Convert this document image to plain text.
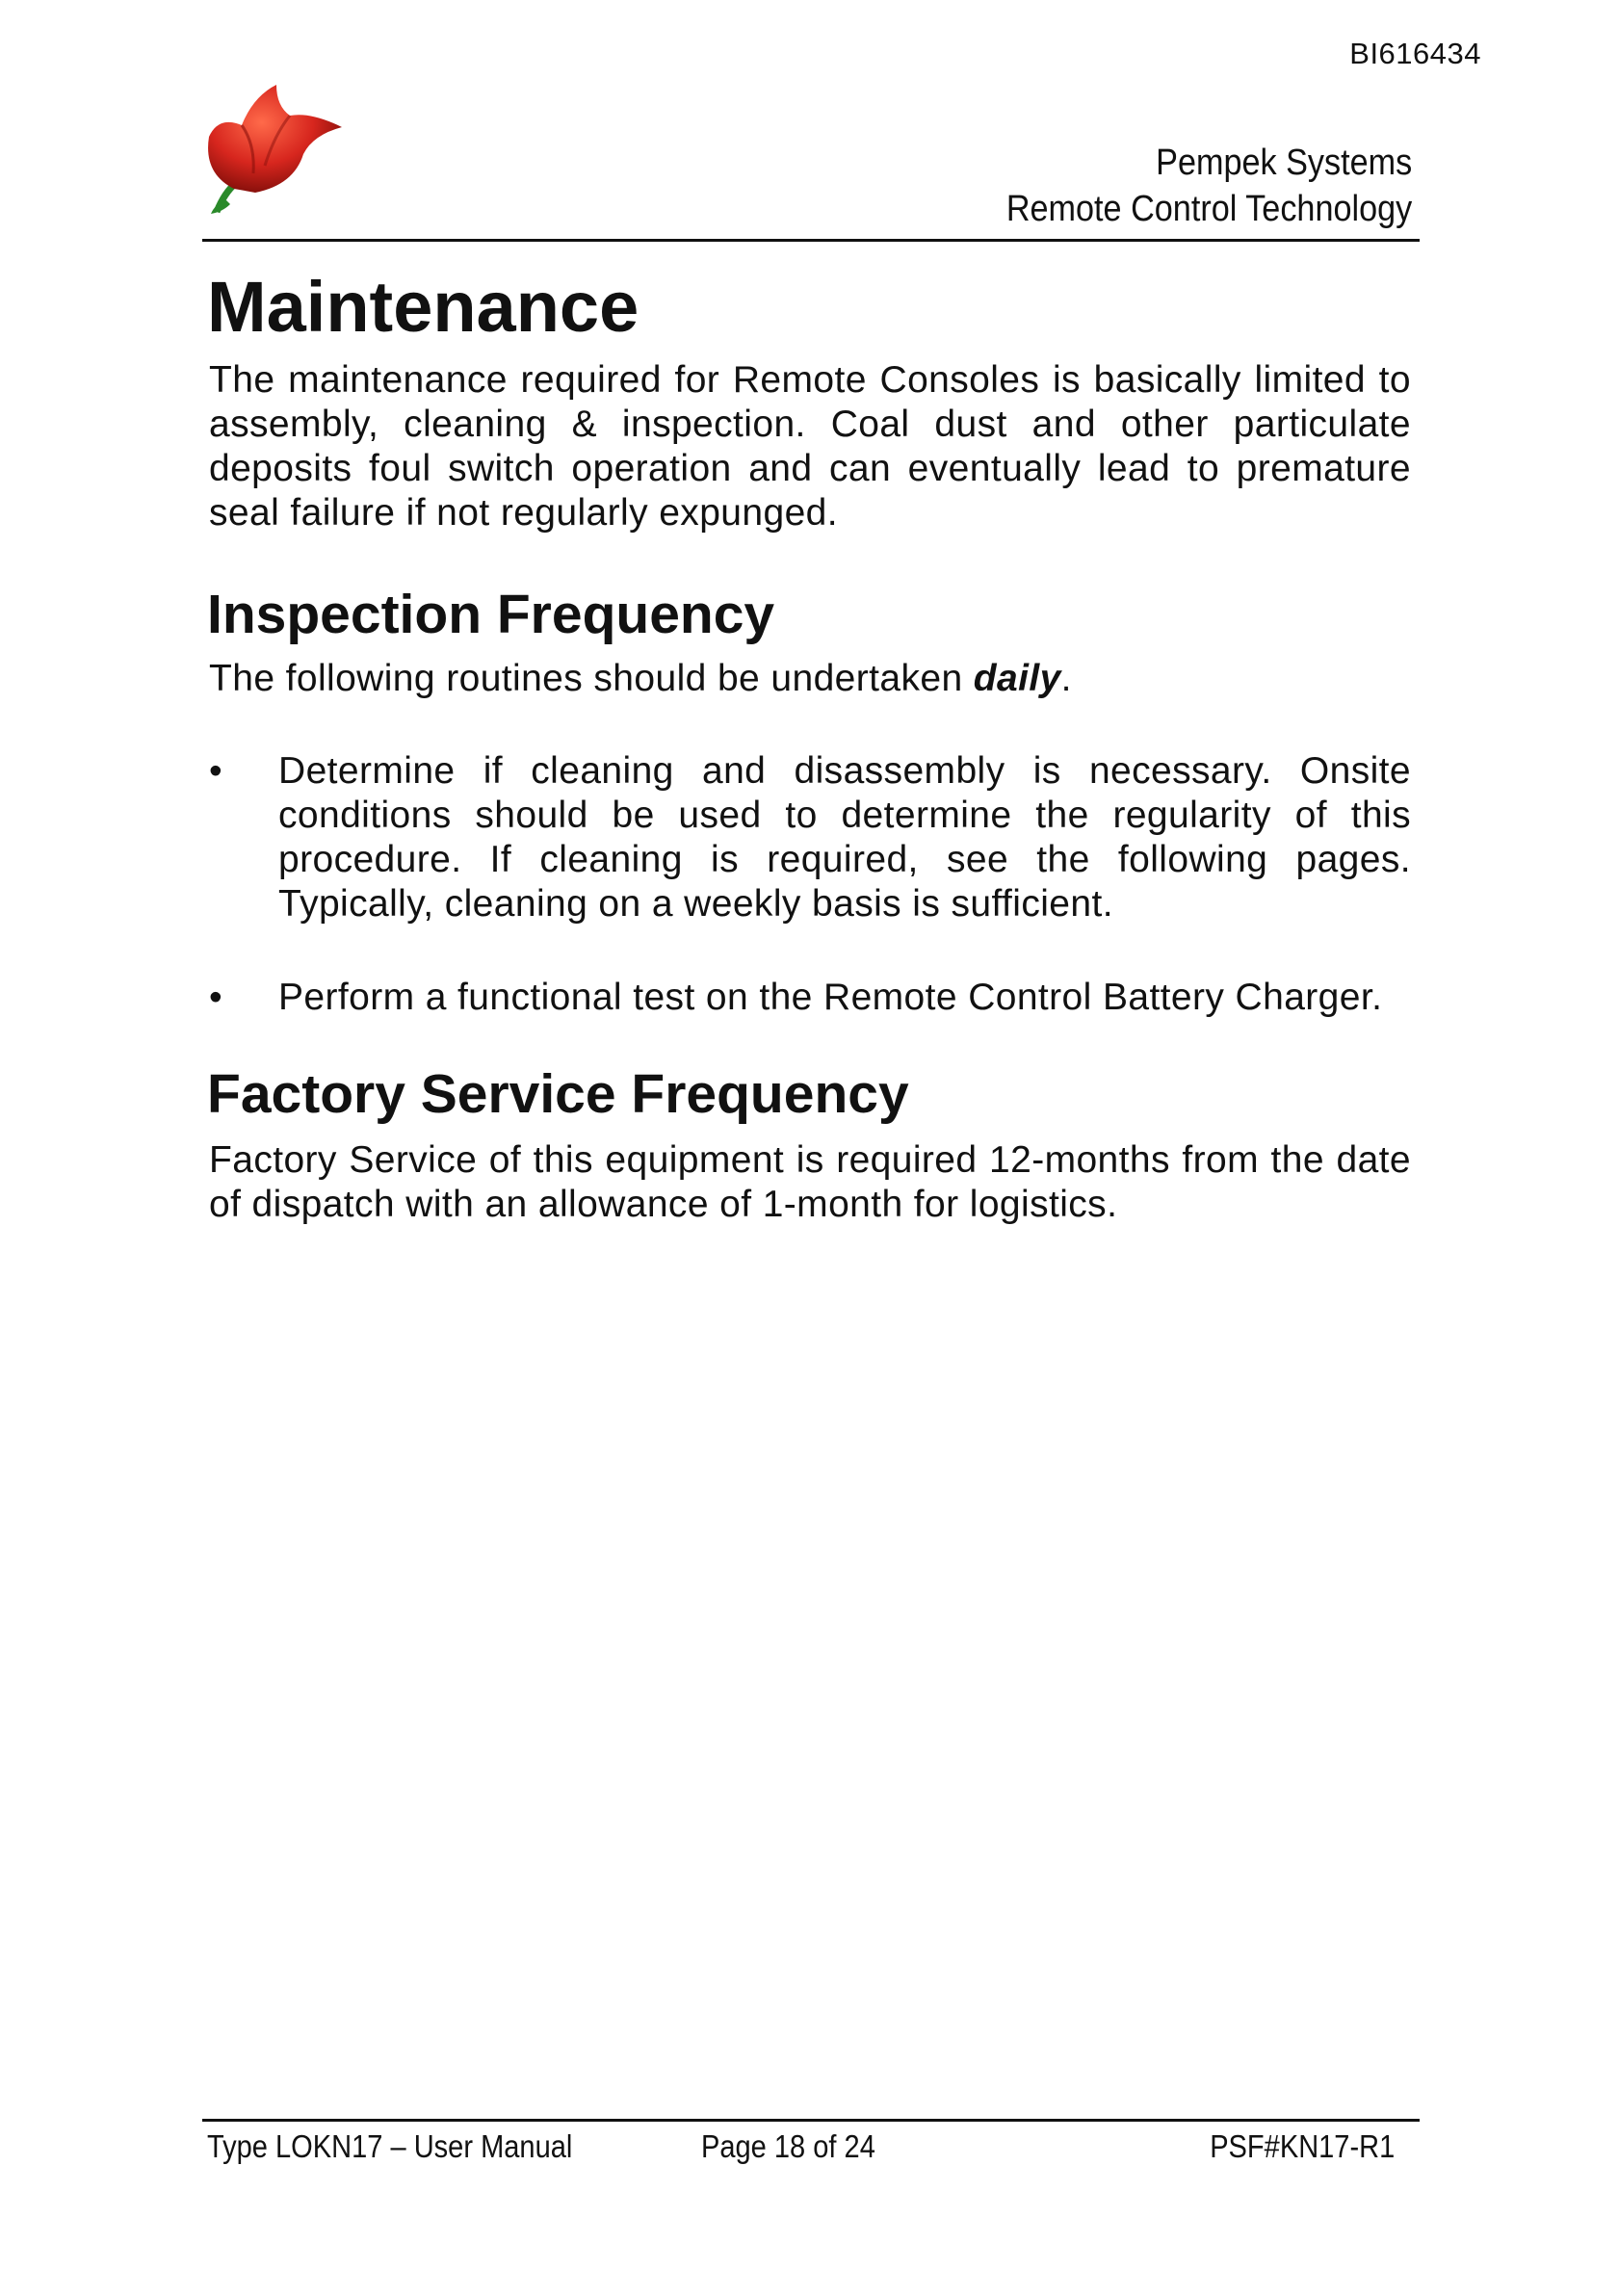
BI616434
Pempek Systems
Remote Control Technology
Maintenance
The maintenance required for Remote Consoles is basically limited to assembly, cleaning & inspection. Coal dust and other particulate deposits foul switch operation and can eventually lead to premature seal failure if not regularly expunged.
Inspection Frequency
The following routines should be undertaken daily.
•	Determine if cleaning and disassembly is necessary. Onsite conditions should be used to determine the regularity of this procedure. If cleaning is required, see the following pages. Typically, cleaning on a weekly basis is sufficient.
•	Perform a functional test on the Remote Control Battery Charger.
Factory Service Frequency
Factory Service of this equipment is required 12-months from the date of dispatch with an allowance of 1-month for logistics.
Type LOKN17 – User Manual	Page 18 of 24	PSF#KN17-R1
